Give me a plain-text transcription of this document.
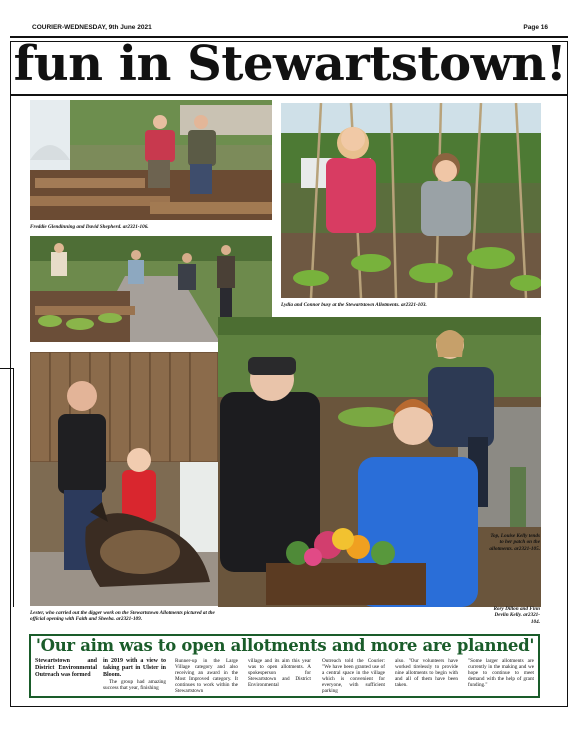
COURIER-WEDNESDAY, 9th June 2021	Page 16
fun in Stewartstown!
Freddie Glendinning and David Shepherd. ar2321-106.
Lydia and Connor busy at the Stewartstown Allotments. ar2321-103.
Lester, who carried out the digger work on the Stewartstown Allotments pictured at the official opening with Faith and Sheeba. ar2321-109.
Top, Louise Kelly tends to her patch on the allotments. ar2321-105.
Rory Dillon and Finn Devlin Kelly. ar2321-104.
'Our aim was to open allotments and more are planned'
Stewartstown and District Environmental Outreach was formed
in 2019 with a view to taking part in Ulster in Bloom.
The group had amazing success that year, finishing
Runner-up in the Large Village category and also receiving an award in the Most Improved category. It continues to work within the Stewartstown
village and its aim this year was to open allotments. A spokesperson for Stewartstown and District Environmental
Outreach told the Courier: "We have been granted use of a central space in the village which is convenient for everyone, with sufficient parking
also. "Our volunteers have worked tirelessly to provide nine allotments to begin with and all of them have been taken.
"Some larger allotments are currently in the making and we hope to continue to meet demand with the help of grant funding."
